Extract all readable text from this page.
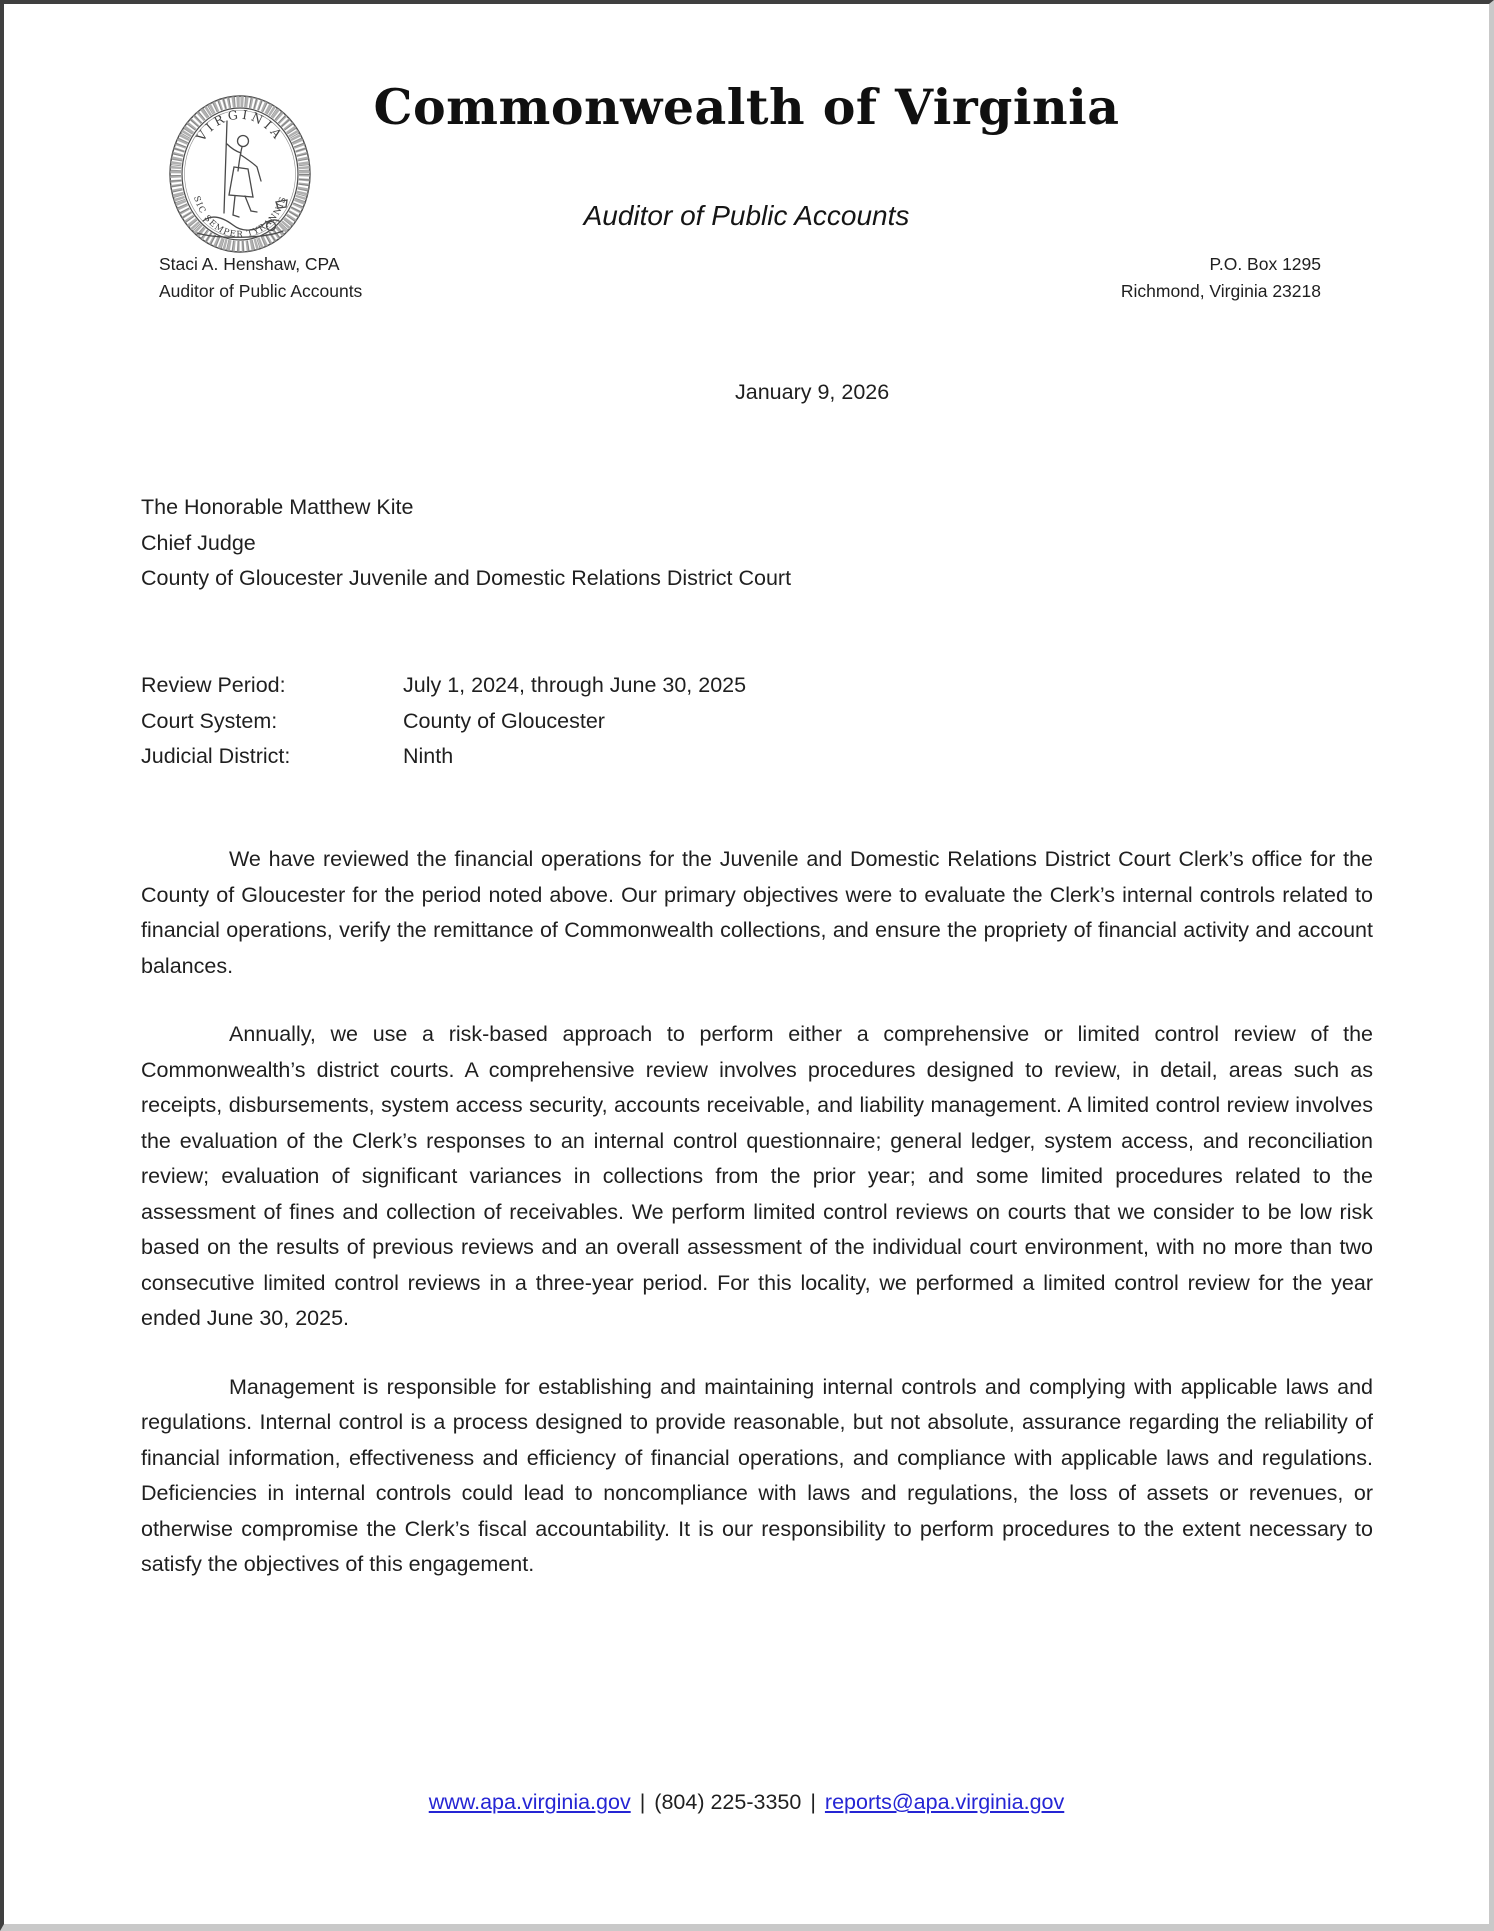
VIRGINIA
SIC SEMPER TYRANNIS
Commonwealth of Virginia
Auditor of Public Accounts
Staci A. Henshaw, CPA
Auditor of Public Accounts
P.O. Box 1295
Richmond, Virginia 23218
January 9, 2026
The Honorable Matthew Kite
Chief Judge
County of Gloucester Juvenile and Domestic Relations District Court
Review Period:	July 1, 2024, through June 30, 2025
Court System:	County of Gloucester
Judicial District:	Ninth

We have reviewed the financial operations for the Juvenile and Domestic Relations District Court Clerk’s office for the County of Gloucester for the period noted above. Our primary objectives were to evaluate the Clerk’s internal controls related to financial operations, verify the remittance of Commonwealth collections, and ensure the propriety of financial activity and account balances.

Annually, we use a risk-based approach to perform either a comprehensive or limited control review of the Commonwealth’s district courts. A comprehensive review involves procedures designed to review, in detail, areas such as receipts, disbursements, system access security, accounts receivable, and liability management. A limited control review involves the evaluation of the Clerk’s responses to an internal control questionnaire; general ledger, system access, and reconciliation review; evaluation of significant variances in collections from the prior year; and some limited procedures related to the assessment of fines and collection of receivables. We perform limited control reviews on courts that we consider to be low risk based on the results of previous reviews and an overall assessment of the individual court environment, with no more than two consecutive limited control reviews in a three-year period. For this locality, we performed a limited control review for the year ended June 30, 2025.

Management is responsible for establishing and maintaining internal controls and complying with applicable laws and regulations. Internal control is a process designed to provide reasonable, but not absolute, assurance regarding the reliability of financial information, effectiveness and efficiency of financial operations, and compliance with applicable laws and regulations. Deficiencies in internal controls could lead to noncompliance with laws and regulations, the loss of assets or revenues, or otherwise compromise the Clerk’s fiscal accountability. It is our responsibility to perform procedures to the extent necessary to satisfy the objectives of this engagement.

www.apa.virginia.gov | (804) 225-3350 | reports@apa.virginia.gov
